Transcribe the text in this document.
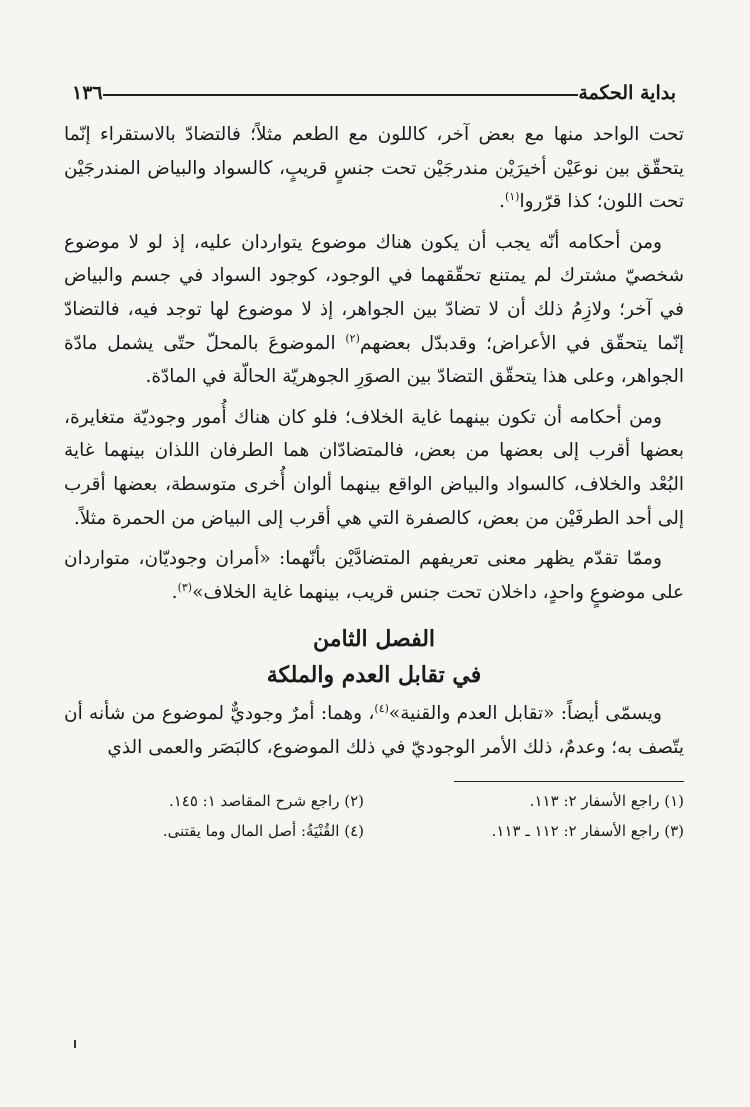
بداية الحكمة
١٣٦

تحت الواحد منها مع بعض آخر، كاللون مع الطعم مثلاً؛ فالتضادّ بالاستقراء إنّما يتحقّق بين نوعَيْن أخيرَيْن مندرجَيْن تحت جنسٍ قريبٍ، كالسواد والبياض المندرجَيْن تحت اللون؛ كذا قرّروا$^{(١)}$.

ومن أحكامه أنّه يجب أن يكون هناك موضوع يتواردان عليه، إذ لو لا موضوع شخصيّ مشترك لم يمتنع تحقّقهما في الوجود، كوجود السواد في جسم والبياض في آخر؛ ولازِمُ ذلك أن لا تضادّ بين الجواهر، إذ لا موضوع لها توجد فيه، فالتضادّ إنّما يتحقّق في الأعراض؛ وقدبدّل بعضهم$^{(٢)}$ الموضوعَ بالمحلّ حتّى يشمل مادّة الجواهر، وعلى هذا يتحقّق التضادّ بين الصوَرِ الجوهريّة الحالّة في المادّة.

ومن أحكامه أن تكون بينهما غاية الخلاف؛ فلو كان هناك أُمور وجوديّة متغايرة، بعضها أقرب إلى بعضها من بعض، فالمتضادّان هما الطرفان اللذان بينهما غاية البُعْد والخلاف، كالسواد والبياض الواقع بينهما ألوان أُخرى متوسطة، بعضها أقرب إلى أحد الطرفَيْن من بعض، كالصفرة التي هي أقرب إلى البياض من الحمرة مثلاً.

وممّا تقدّم يظهر معنى تعريفهم المتضادَّيْن بأنّهما: «أمران وجوديّان، متواردان على موضوعٍ واحدٍ، داخلان تحت جنس قريب، بينهما غاية الخلاف»$^{(٣)}$.

الفصل الثامن
في تقابل العدم والملكة

ويسمّى أيضاً: «تقابل العدم والقنية»$^{(٤)}$، وهما: أمرٌ وجوديٌّ لموضوع من شأنه أن يتّصف به؛ وعدمٌ، ذلك الأمر الوجوديّ في ذلك الموضوع، كالبَصَر والعمى الذي

(١) راجع الأسفار ٢: ١١٣.
(٢) راجع شرح المقاصد ١: ١٤٥.
(٣) راجع الأسفار ٢: ١١٢ ـ ١١٣.
(٤) القُنْيَةُ: أصل المال وما يقتنى.
